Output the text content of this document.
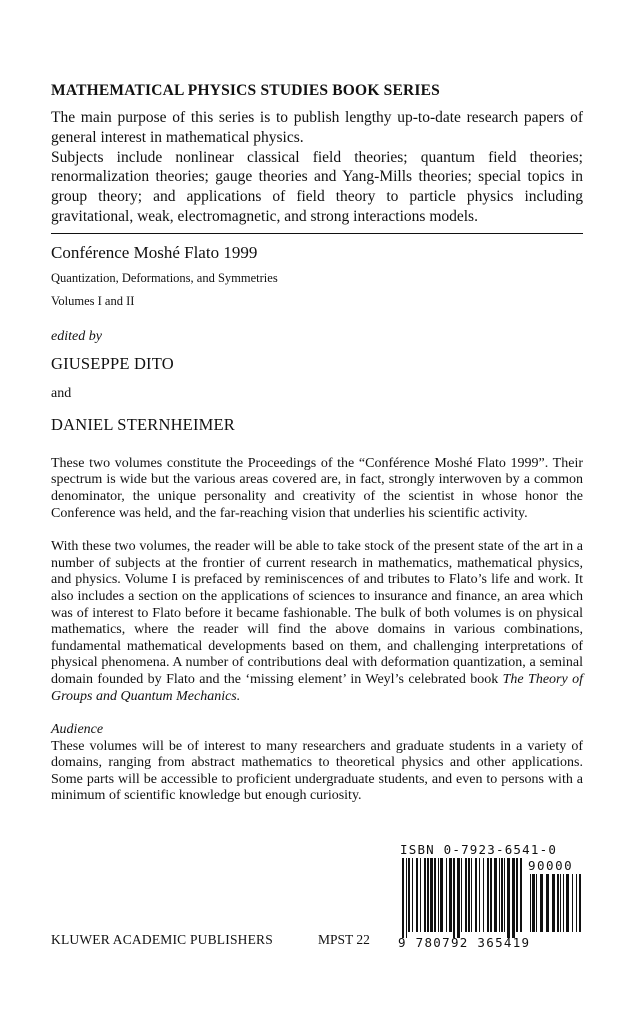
MATHEMATICAL PHYSICS STUDIES BOOK SERIES

The main purpose of this series is to publish lengthy up-to-date research papers of general interest in mathematical physics.

Subjects include nonlinear classical field theories; quantum field theories; renormalization theories; gauge theories and Yang-Mills theories; special topics in group theory; and applications of field theory to particle physics including gravitational, weak, electromagnetic, and strong interactions models.

Conférence Moshé Flato 1999
Quantization, Deformations, and Symmetries
Volumes I and II
edited by
GIUSEPPE DITO
and
DANIEL STERNHEIMER

These two volumes constitute the Proceedings of the “Conférence Moshé Flato 1999”. Their spectrum is wide but the various areas covered are, in fact, strongly interwoven by a common denominator, the unique personality and creativity of the scientist in whose honor the Conference was held, and the far-reaching vision that underlies his scientific activity.

With these two volumes, the reader will be able to take stock of the present state of the art in a number of subjects at the frontier of current research in mathematics, mathematical physics, and physics. Volume I is prefaced by reminiscences of and tributes to Flato’s life and work. It also includes a section on the applications of sciences to insurance and finance, an area which was of interest to Flato before it became fashionable. The bulk of both volumes is on physical mathematics, where the reader will find the above domains in various combinations, fundamental mathematical developments based on them, and challenging interpretations of physical phenomena. A number of contributions deal with deformation quantization, a seminal domain founded by Flato and the ‘missing element’ in Weyl’s celebrated book The Theory of Groups and Quantum Mechanics.

Audience

These volumes will be of interest to many researchers and graduate students in a variety of domains, ranging from abstract mathematics to theoretical physics and other applications. Some parts will be accessible to proficient undergraduate students, and even to persons with a minimum of scientific knowledge but enough curiosity.

KLUWER ACADEMIC PUBLISHERS	MPST 22
ISBN 0-7923-6541-0
90000
9 780792 365419
